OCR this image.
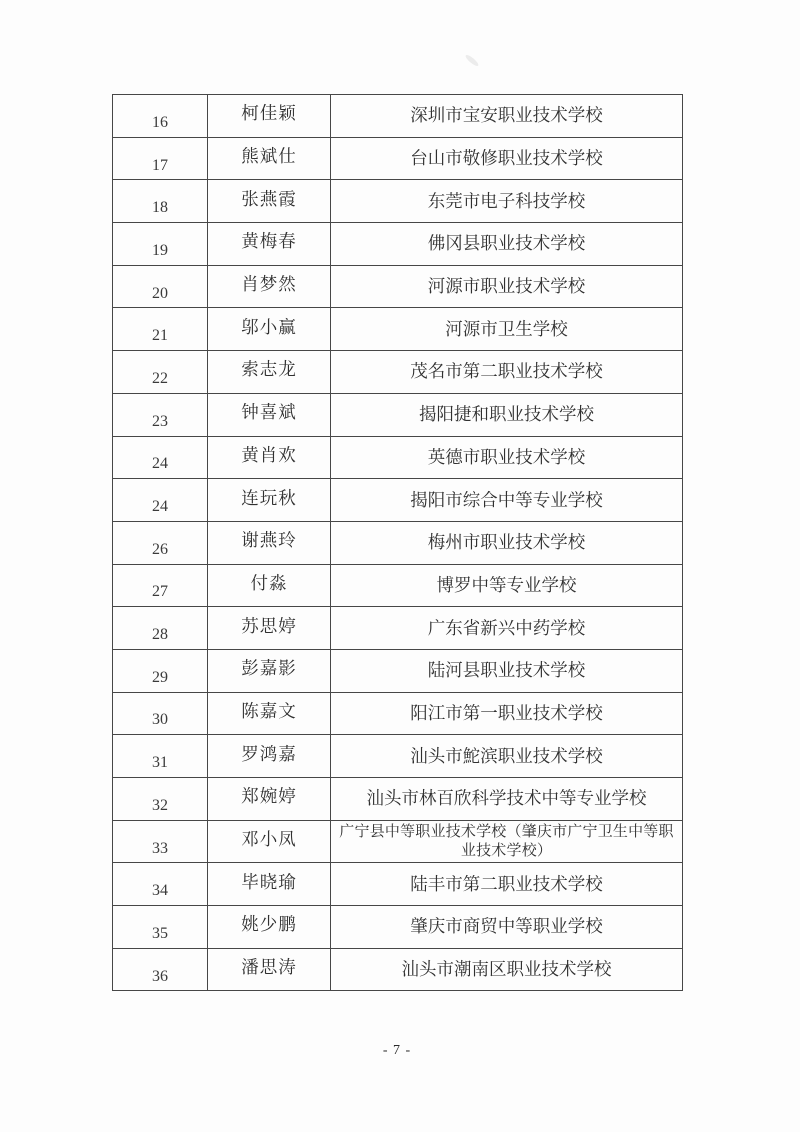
16	柯佳颖	深圳市宝安职业技术学校
17	熊斌仕	台山市敬修职业技术学校
18	张燕霞	东莞市电子科技学校
19	黄梅春	佛冈县职业技术学校
20	肖梦然	河源市职业技术学校
21	邬小赢	河源市卫生学校
22	索志龙	茂名市第二职业技术学校
23	钟喜斌	揭阳捷和职业技术学校
24	黄肖欢	英德市职业技术学校
24	连玩秋	揭阳市综合中等专业学校
26	谢燕玲	梅州市职业技术学校
27	付淼	博罗中等专业学校
28	苏思婷	广东省新兴中药学校
29	彭嘉影	陆河县职业技术学校
30	陈嘉文	阳江市第一职业技术学校
31	罗鸿嘉	汕头市鮀滨职业技术学校
32	郑婉婷	汕头市林百欣科学技术中等专业学校
33	邓小凤	广宁县中等职业技术学校（肇庆市广宁卫生中等职业技术学校）
34	毕晓瑜	陆丰市第二职业技术学校
35	姚少鹏	肇庆市商贸中等职业学校
36	潘思涛	汕头市潮南区职业技术学校
- 7 -
